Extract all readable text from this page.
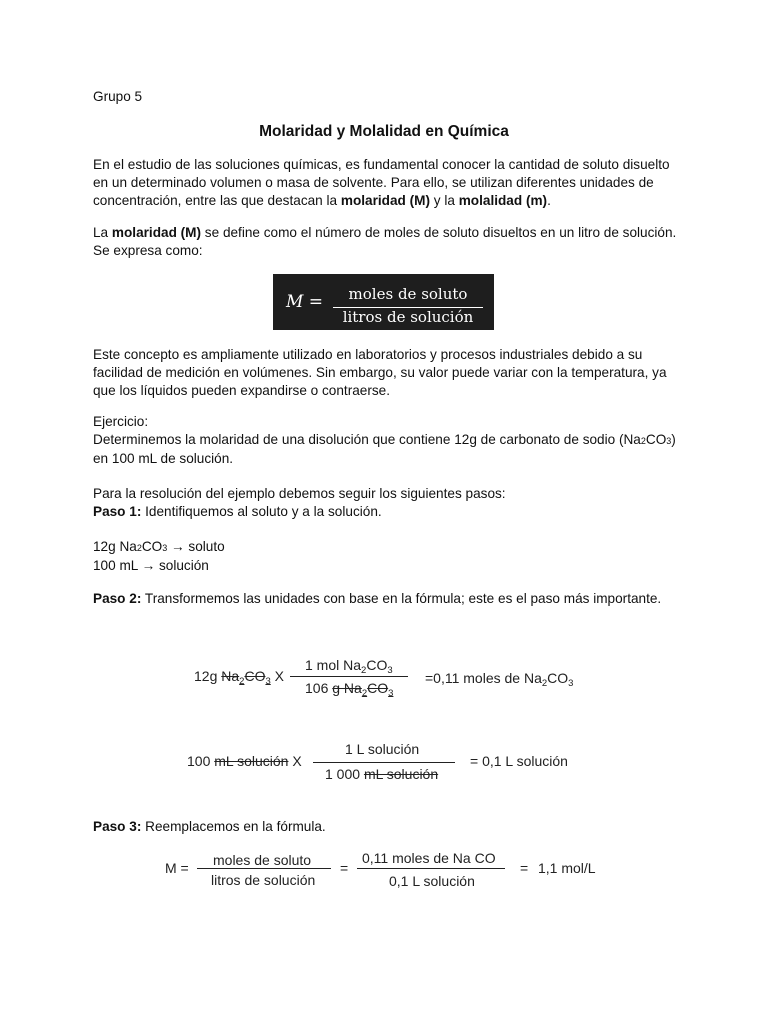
Grupo 5
Molaridad y Molalidad en Química
En el estudio de las soluciones químicas, es fundamental conocer la cantidad de soluto disuelto en un determinado volumen o masa de solvente. Para ello, se utilizan diferentes unidades de concentración, entre las que destacan la molaridad (M) y la molalidad (m).
La molaridad (M) se define como el número de moles de soluto disueltos en un litro de solución. Se expresa como:
M =	moles de soluto
litros de solución
Este concepto es ampliamente utilizado en laboratorios y procesos industriales debido a su facilidad de medición en volúmenes. Sin embargo, su valor puede variar con la temperatura, ya que los líquidos pueden expandirse o contraerse.

Ejercicio:

Determinemos la molaridad de una disolución que contiene 12g de carbonato de sodio (Na2CO3) en 100 mL de solución.

Para la resolución del ejemplo debemos seguir los siguientes pasos:
Paso 1: Identifiquemos al soluto y a la solución.

12g Na2CO3 → soluto

100 mL → solución

Paso 2: Transformemos las unidades con base en la fórmula; este es el paso más importante.
12g $Na_2CO_3$ X
1 mol $Na_2CO_3$
106 g $Na_2CO_3$
=0,11 moles de $Na_2CO_3$
100 mL solución X
1 L solución
1 000 mL solución
= 0,1 L solución
Paso 3: Reemplacemos en la fórmula.
M = moles de soluto
litros de solución
=
0,11 moles de Na CO
0,1 L solución
= 1,1 mol/L
